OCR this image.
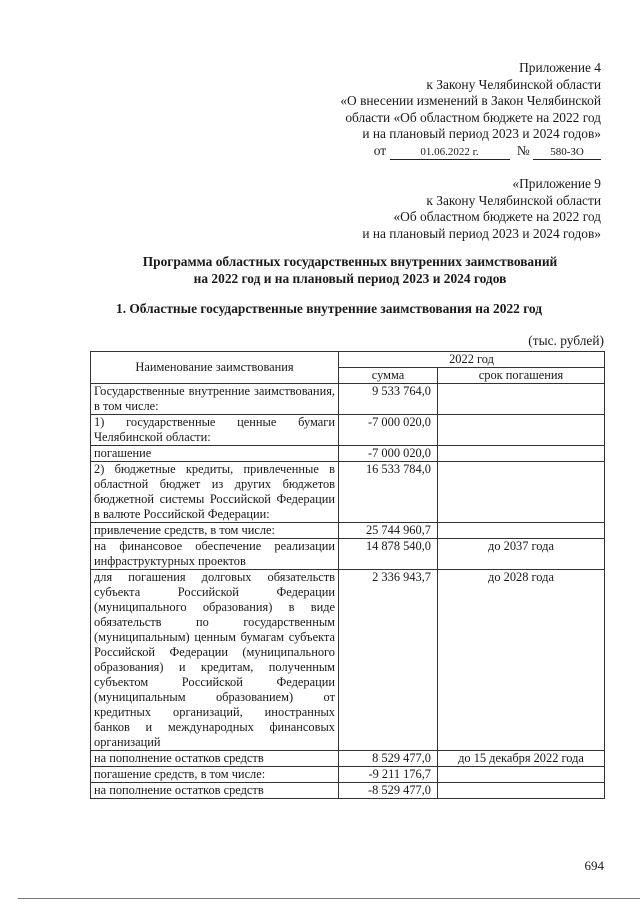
Приложение 4
к Закону Челябинской области
«О внесении изменений в Закон Челябинской
области «Об областном бюджете на 2022 год
и на плановый период 2023 и 2024 годов»
от	01.06.2022 г.	№ 580-ЗО
«Приложение 9
к Закону Челябинской области
«Об областном бюджете на 2022 год
и на плановый период 2023 и 2024 годов»
Программа областных государственных внутренних заимствований
на 2022 год и на плановый период 2023 и 2024 годов
1. Областные государственные внутренние заимствования на 2022 год
(тыс. рублей)
Наименование заимствования	2022 год	
	сумма	срок погашения
Государственные внутренние заимствования, в том числе:	9 533 764,0	
1) государственные ценные бумаги Челябинской области:	-7 000 020,0	
погашение	-7 000 020,0	
2) бюджетные кредиты, привлеченные в областной бюджет из других бюджетов бюджетной системы Российской Федерации в валюте Российской Федерации:	16 533 784,0	
привлечение средств, в том числе:	25 744 960,7	
на финансовое обеспечение реализации инфраструктурных проектов	14 878 540,0	до 2037 года
для погашения долговых обязательств субъекта Российской Федерации (муниципального образования) в виде обязательств по государственным (муниципальным) ценным бумагам субъекта Российской Федерации (муниципального образования) и кредитам, полученным субъектом Российской Федерации (муниципальным образованием) от кредитных организаций, иностранных банков и международных финансовых организаций	2 336 943,7	до 2028 года
на пополнение остатков средств	8 529 477,0	до 15 декабря 2022 года
погашение средств, в том числе:	-9 211 176,7	
на пополнение остатков средств	-8 529 477,0	
694
